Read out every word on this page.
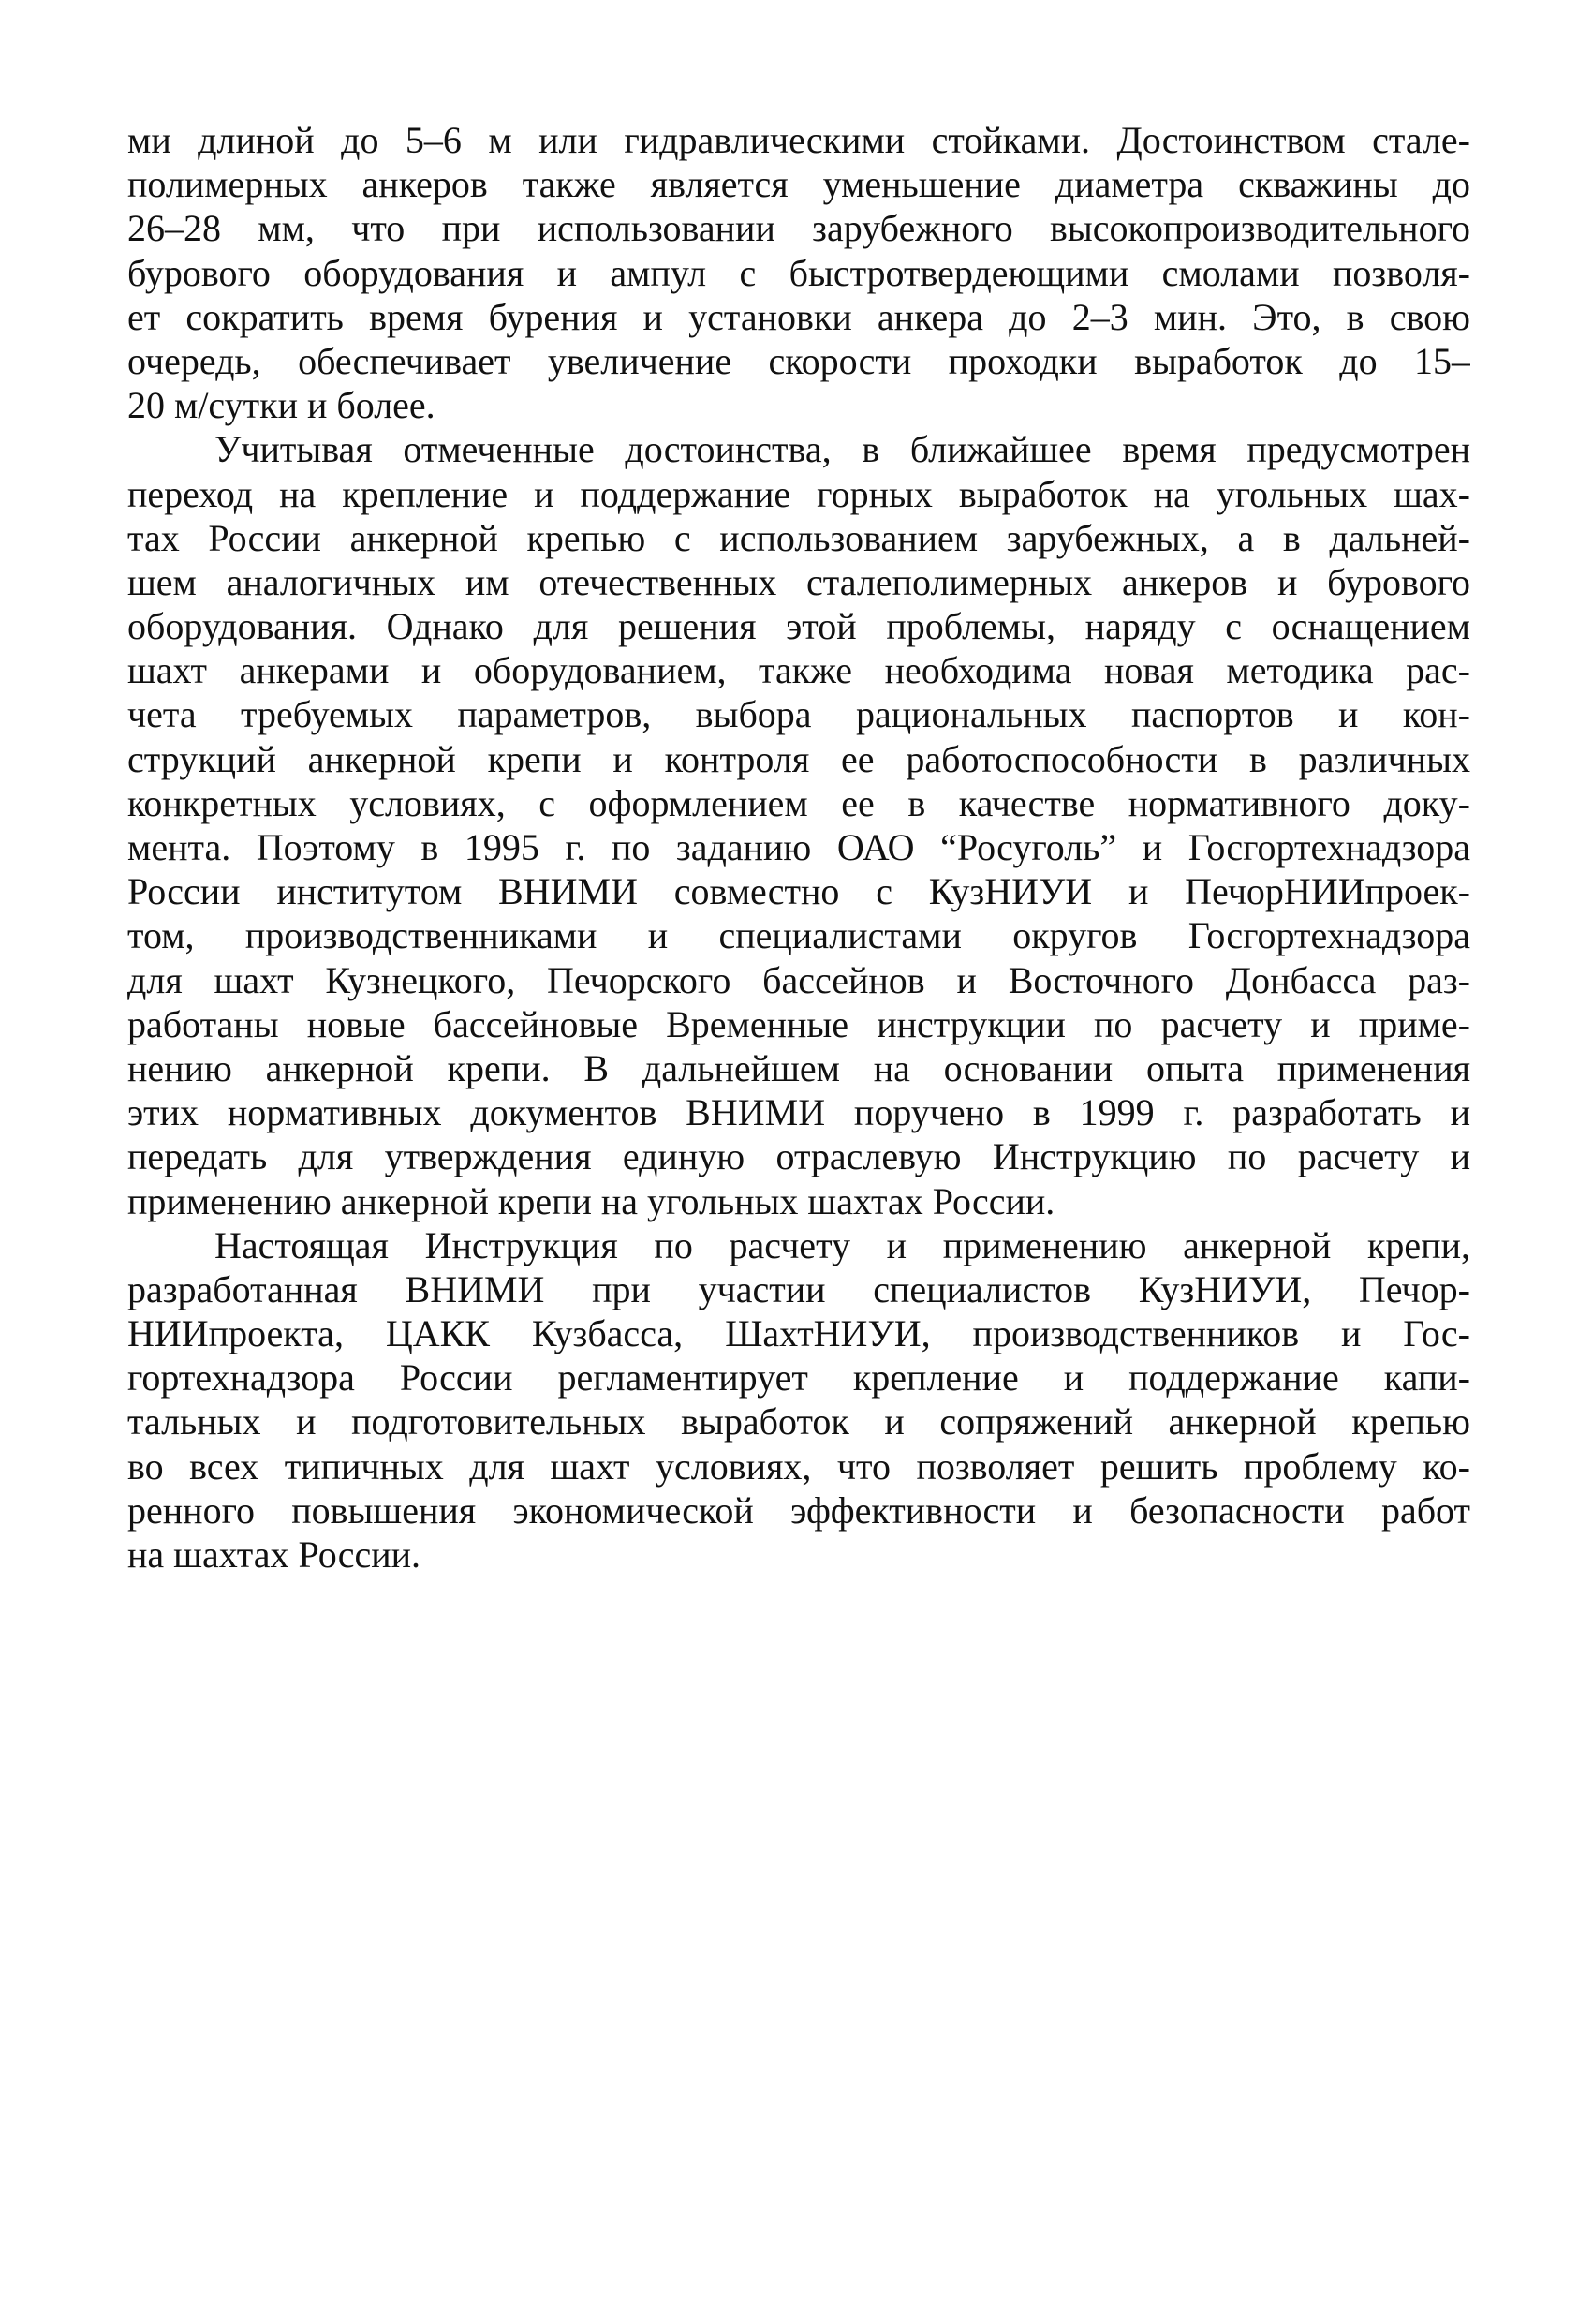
ми длиной до 5–6 м или гидравлическими стойками. Достоинством стале-
полимерных анкеров также является уменьшение диаметра скважины до
26–28 мм, что при использовании зарубежного высокопроизводительного
бурового оборудования и ампул с быстротвердеющими смолами позволя-
ет сократить время бурения и установки анкера до 2–3 мин. Это, в свою
очередь, обеспечивает увеличение скорости проходки выработок до 15–
20 м/сутки и более.
Учитывая отмеченные достоинства, в ближайшее время предусмотрен
переход на крепление и поддержание горных выработок на угольных шах-
тах России анкерной крепью с использованием зарубежных, а в дальней-
шем аналогичных им отечественных сталеполимерных анкеров и бурового
оборудования. Однако для решения этой проблемы, наряду с оснащением
шахт анкерами и оборудованием, также необходима новая методика рас-
чета требуемых параметров, выбора рациональных паспортов и кон-
струкций анкерной крепи и контроля ее работоспособности в различных
конкретных условиях, с оформлением ее в качестве нормативного доку-
мента. Поэтому в 1995 г. по заданию ОАО “Росуголь” и Госгортехнадзора
России институтом ВНИМИ совместно с КузНИУИ и ПечорНИИпроек-
том, производственниками и специалистами округов Госгортехнадзора
для шахт Кузнецкого, Печорского бассейнов и Восточного Донбасса раз-
работаны новые бассейновые Временные инструкции по расчету и приме-
нению анкерной крепи. В дальнейшем на основании опыта применения
этих нормативных документов ВНИМИ поручено в 1999 г. разработать и
передать для утверждения единую отраслевую Инструкцию по расчету и
применению анкерной крепи на угольных шахтах России.
Настоящая Инструкция по расчету и применению анкерной крепи,
разработанная ВНИМИ при участии специалистов КузНИУИ, Печор-
НИИпроекта, ЦАКК Кузбасса, ШахтНИУИ, производственников и Гос-
гортехнадзора России регламентирует крепление и поддержание капи-
тальных и подготовительных выработок и сопряжений анкерной крепью
во всех типичных для шахт условиях, что позволяет решить проблему ко-
ренного повышения экономической эффективности и безопасности работ
на шахтах России.
